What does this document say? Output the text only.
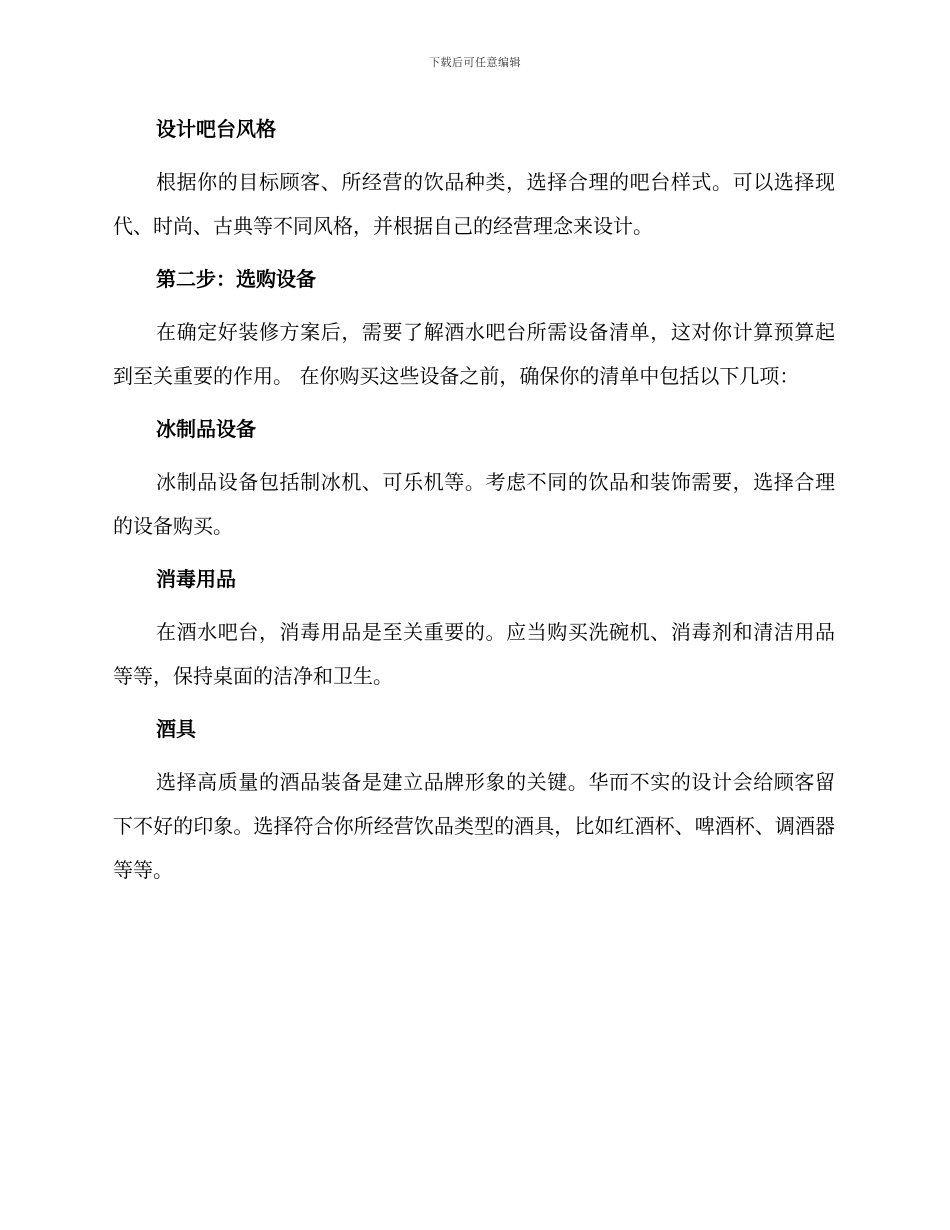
下载后可任意编辑
设计吧台风格
根据你的目标顾客、所经营的饮品种类，选择合理的吧台样式。可以选择现代、时尚、古典等不同风格，并根据自己的经营理念来设计。
第二步：选购设备
在确定好装修方案后，需要了解酒水吧台所需设备清单，这对你计算预算起到至关重要的作用。 在你购买这些设备之前，确保你的清单中包括以下几项：
冰制品设备
冰制品设备包括制冰机、可乐机等。考虑不同的饮品和装饰需要，选择合理的设备购买。
消毒用品
在酒水吧台，消毒用品是至关重要的。应当购买洗碗机、消毒剂和清洁用品等等，保持桌面的洁净和卫生。
酒具
选择高质量的酒品装备是建立品牌形象的关键。华而不实的设计会给顾客留下不好的印象。选择符合你所经营饮品类型的酒具，比如红酒杯、啤酒杯、调酒器等等。
